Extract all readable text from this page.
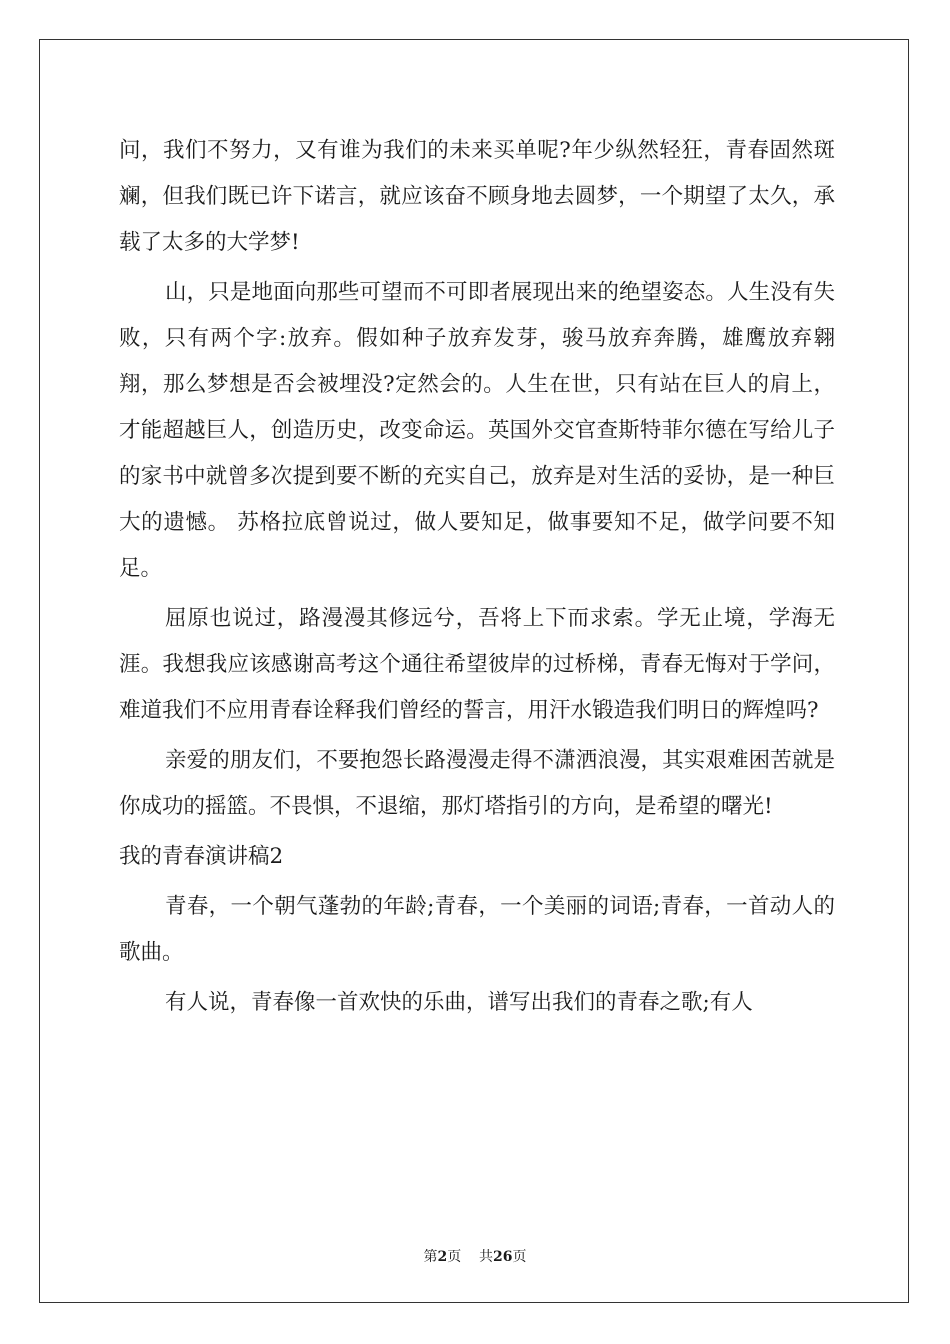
问，我们不努力，又有谁为我们的未来买单呢?年少纵然轻狂，青春固然斑斓，但我们既已许下诺言，就应该奋不顾身地去圆梦，一个期望了太久，承载了太多的大学梦!

山，只是地面向那些可望而不可即者展现出来的绝望姿态。人生没有失败，只有两个字:放弃。假如种子放弃发芽，骏马放弃奔腾，雄鹰放弃翱翔，那么梦想是否会被埋没?定然会的。人生在世，只有站在巨人的肩上，才能超越巨人，创造历史，改变命运。英国外交官查斯特菲尔德在写给儿子的家书中就曾多次提到要不断的充实自己，放弃是对生活的妥协，是一种巨大的遗憾。 苏格拉底曾说过，做人要知足，做事要知不足，做学问要不知足。

屈原也说过，路漫漫其修远兮，吾将上下而求索。学无止境，学海无涯。我想我应该感谢高考这个通往希望彼岸的过桥梯，青春无悔对于学问，难道我们不应用青春诠释我们曾经的誓言，用汗水锻造我们明日的辉煌吗?

亲爱的朋友们，不要抱怨长路漫漫走得不潇洒浪漫，其实艰难困苦就是你成功的摇篮。不畏惧，不退缩，那灯塔指引的方向，是希望的曙光!

我的青春演讲稿2

青春，一个朝气蓬勃的年龄;青春，一个美丽的词语;青春，一首动人的歌曲。

有人说，青春像一首欢快的乐曲，谱写出我们的青春之歌;有人

第2页 共26页
